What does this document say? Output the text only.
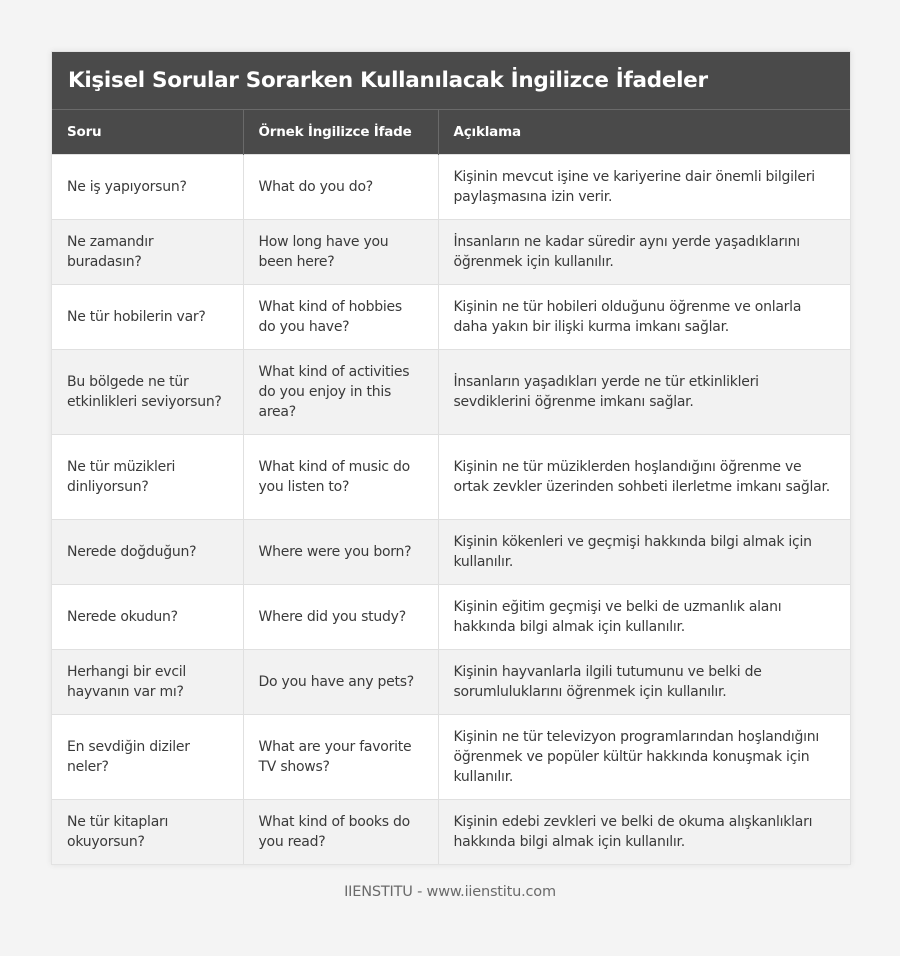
Kişisel Sorular Sorarken Kullanılacak İngilizce İfadeler
Soru	Örnek İngilizce İfade	Açıklama
Ne iş yapıyorsun?	What do you do?	Kişinin mevcut işine ve kariyerine dair önemli bilgileri paylaşmasına izin verir.
Ne zamandır buradasın?	How long have you been here?	İnsanların ne kadar süredir aynı yerde yaşadıklarını öğrenmek için kullanılır.
Ne tür hobilerin var?	What kind of hobbies do you have?	Kişinin ne tür hobileri olduğunu öğrenme ve onlarla daha yakın bir ilişki kurma imkanı sağlar.
Bu bölgede ne tür etkinlikleri seviyorsun?	What kind of activities do you enjoy in this area?	İnsanların yaşadıkları yerde ne tür etkinlikleri sevdiklerini öğrenme imkanı sağlar.
Ne tür müzikleri dinliyorsun?	What kind of music do you listen to?	Kişinin ne tür müziklerden hoşlandığını öğrenme ve ortak zevkler üzerinden sohbeti ilerletme imkanı sağlar.
Nerede doğduğun?	Where were you born?	Kişinin kökenleri ve geçmişi hakkında bilgi almak için kullanılır.
Nerede okudun?	Where did you study?	Kişinin eğitim geçmişi ve belki de uzmanlık alanı hakkında bilgi almak için kullanılır.
Herhangi bir evcil hayvanın var mı?	Do you have any pets?	Kişinin hayvanlarla ilgili tutumunu ve belki de sorumluluklarını öğrenmek için kullanılır.
En sevdiğin diziler neler?	What are your favorite TV shows?	Kişinin ne tür televizyon programlarından hoşlandığını öğrenmek ve popüler kültür hakkında konuşmak için kullanılır.
Ne tür kitapları okuyorsun?	What kind of books do you read?	Kişinin edebi zevkleri ve belki de okuma alışkanlıkları hakkında bilgi almak için kullanılır.
IIENSTITU - www.iienstitu.com
